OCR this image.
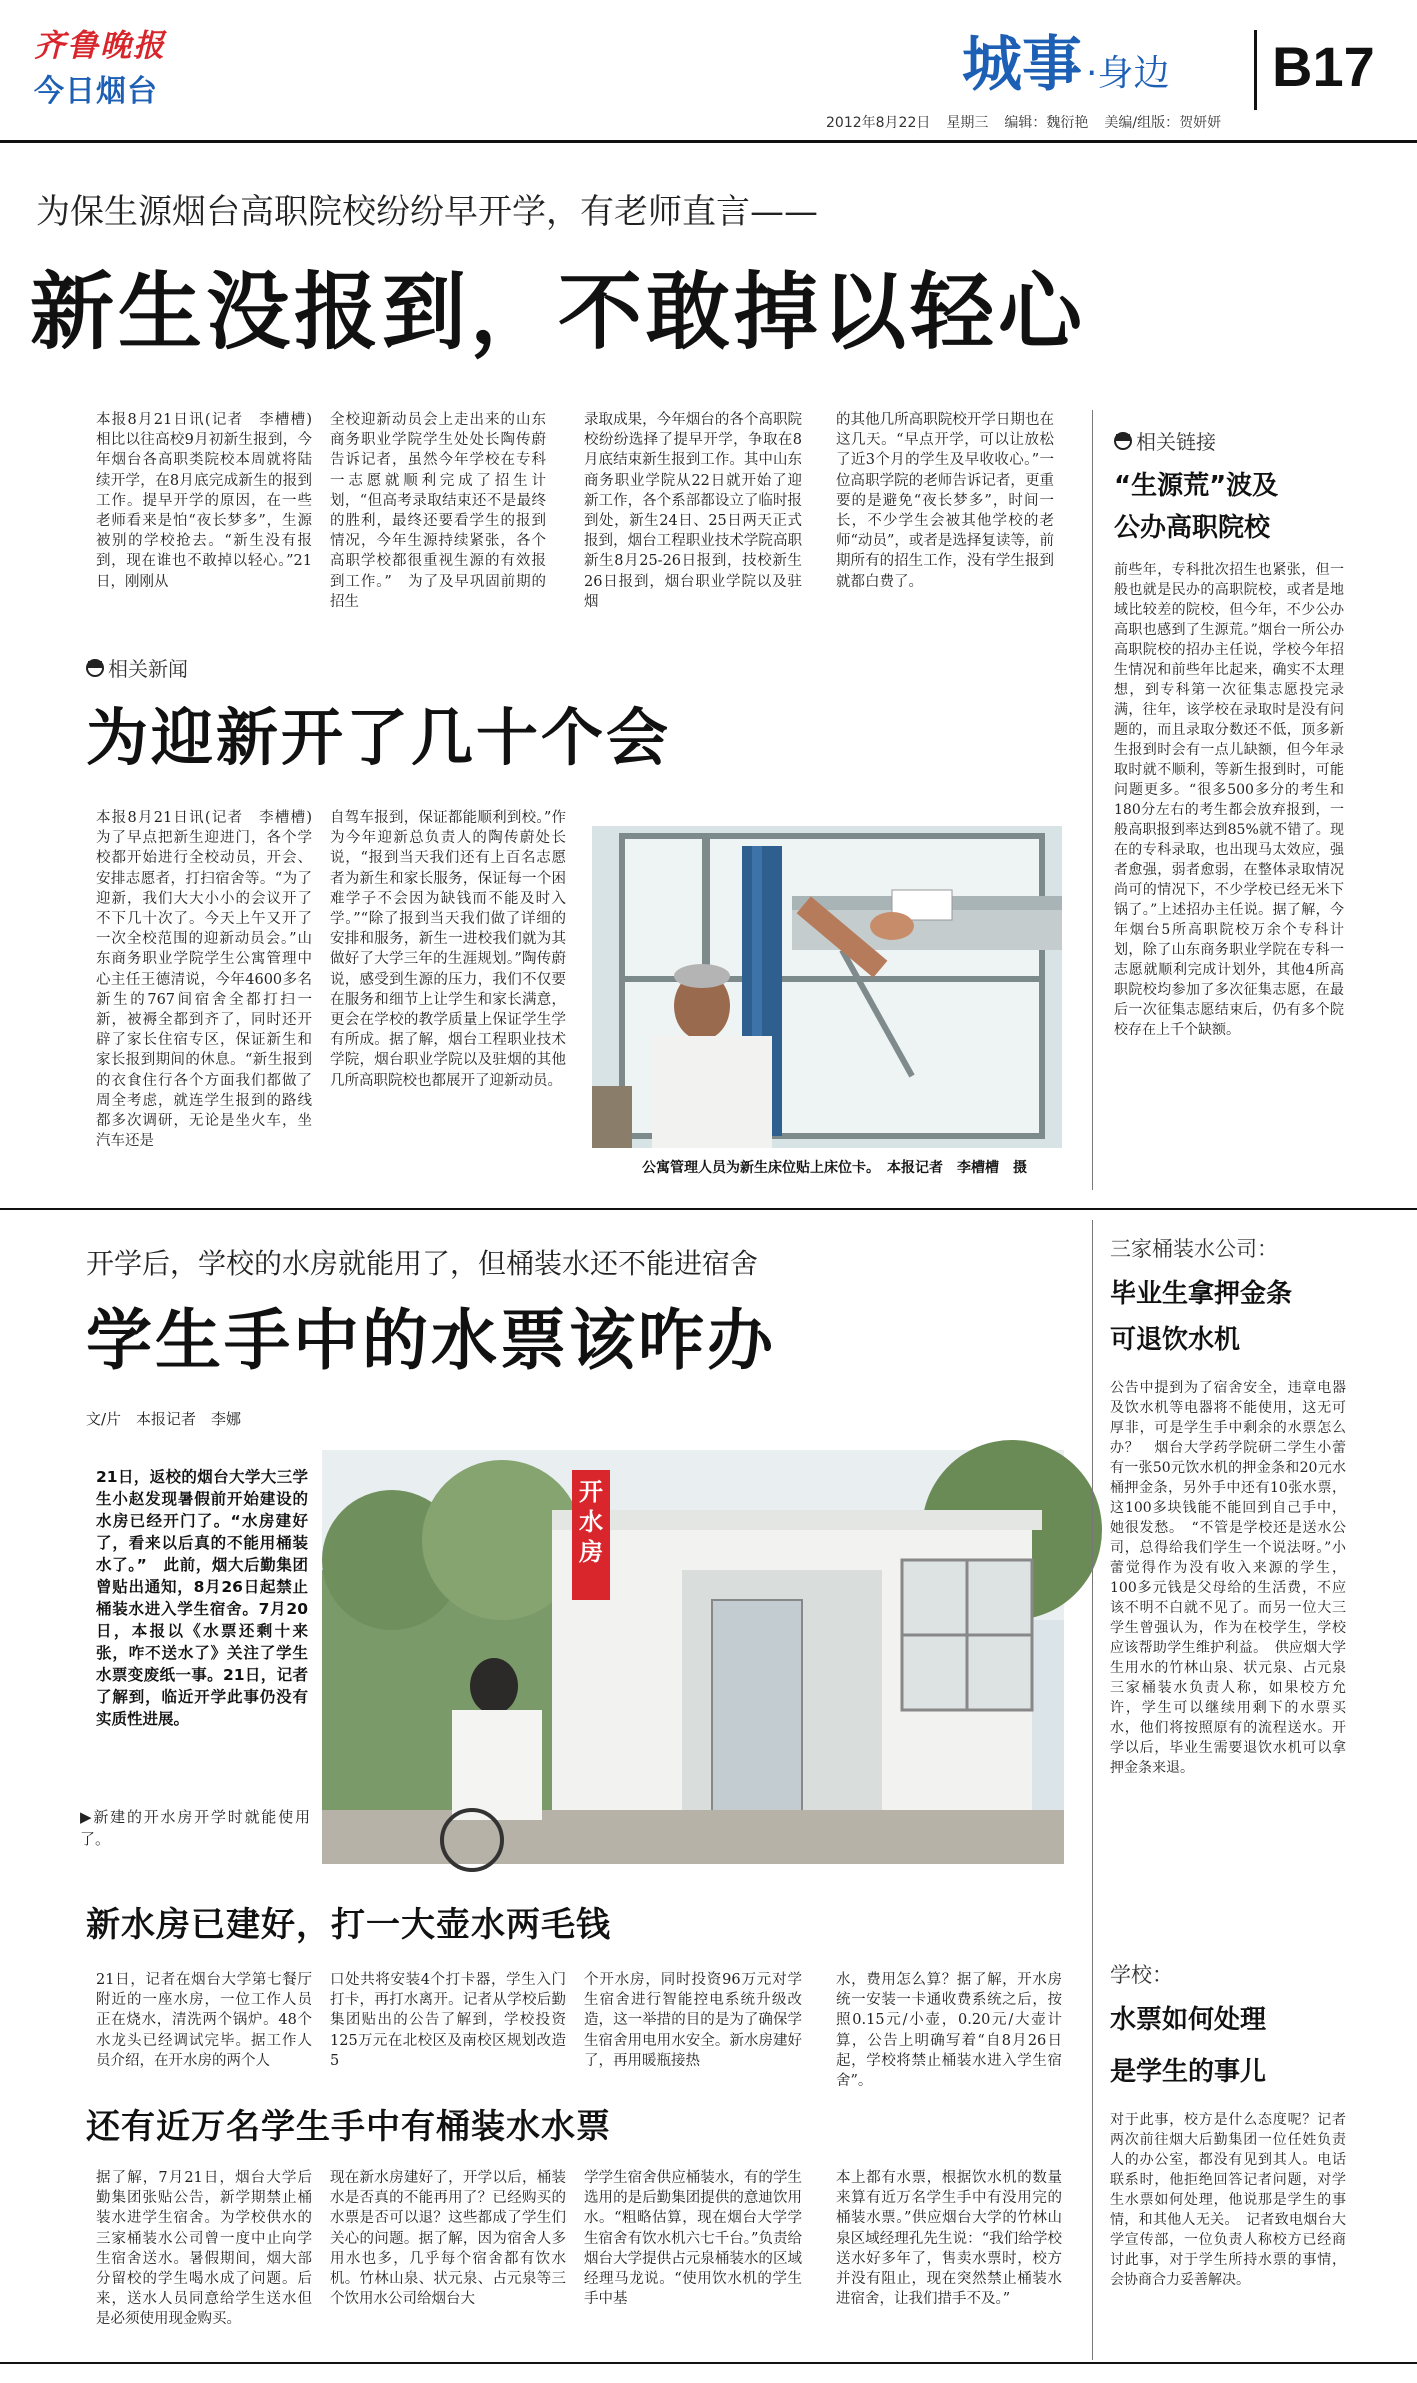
齐鲁晚报
今日烟台	城事 ·身边 B17
2012年8月22日 星期三 编辑：魏衍艳 美编/组版：贺妍妍
为保生源烟台高职院校纷纷早开学，有老师直言——
新生没报到，不敢掉以轻心
本报8月21日讯(记者　李槽槽)　相比以往高校9月初新生报到，今年烟台各高职类院校本周就将陆续开学，在8月底完成新生的报到工作。提早开学的原因，在一些老师看来是怕“夜长梦多”，生源被别的学校抢去。“新生没有报到，现在谁也不敢掉以轻心。”21日，刚刚从
全校迎新动员会上走出来的山东商务职业学院学生处处长陶传蔚告诉记者，虽然今年学校在专科一志愿就顺利完成了招生计划，“但高考录取结束还不是最终的胜利，最终还要看学生的报到情况，今年生源持续紧张，各个高职学校都很重视生源的有效报到工作。”　为了及早巩固前期的招生
录取成果，今年烟台的各个高职院校纷纷选择了提早开学，争取在8月底结束新生报到工作。其中山东商务职业学院从22日就开始了迎新工作，各个系部都设立了临时报到处，新生24日、25日两天正式报到，烟台工程职业技术学院高职新生8月25-26日报到，技校新生26日报到，烟台职业学院以及驻烟
的其他几所高职院校开学日期也在这几天。“早点开学，可以让放松了近3个月的学生及早收收心。”一位高职学院的老师告诉记者，更重要的是避免“夜长梦多”，时间一长，不少学生会被其他学校的老师“动员”，或者是选择复读等，前期所有的招生工作，没有学生报到就都白费了。
相关链接
“生源荒”波及
公办高职院校
前些年，专科批次招生也紧张，但一般也就是民办的高职院校，或者是地域比较差的院校，但今年，不少公办高职也感到了生源荒。”烟台一所公办高职院校的招办主任说，学校今年招生情况和前些年比起来，确实不太理想，到专科第一次征集志愿投完录满，往年，该学校在录取时是没有问题的，而且录取分数还不低，顶多新生报到时会有一点儿缺额，但今年录取时就不顺利，等新生报到时，可能问题更多。“很多500多分的考生和180分左右的考生都会放弃报到，一般高职报到率达到85%就不错了。现在的专科录取，也出现马太效应，强者愈强，弱者愈弱，在整体录取情况尚可的情况下，不少学校已经无米下锅了。”上述招办主任说。据了解，今年烟台5所高职院校万余个专科计划，除了山东商务职业学院在专科一志愿就顺利完成计划外，其他4所高职院校均参加了多次征集志愿，在最后一次征集志愿结束后，仍有多个院校存在上千个缺额。
相关新闻
为迎新开了几十个会
本报8月21日讯(记者　李槽槽)　为了早点把新生迎进门，各个学校都开始进行全校动员，开会、安排志愿者，打扫宿舍等。“为了迎新，我们大大小小的会议开了不下几十次了。今天上午又开了一次全校范围的迎新动员会。”山东商务职业学院学生公寓管理中心主任王德清说，今年4600多名新生的767间宿舍全都打扫一新，被褥全都到齐了，同时还开辟了家长住宿专区，保证新生和家长报到期间的休息。“新生报到的衣食住行各个方面我们都做了周全考虑，就连学生报到的路线都多次调研，无论是坐火车，坐汽车还是
自驾车报到，保证都能顺利到校。”作为今年迎新总负责人的陶传蔚处长说，“报到当天我们还有上百名志愿者为新生和家长服务，保证每一个困难学子不会因为缺钱而不能及时入学。”“除了报到当天我们做了详细的安排和服务，新生一进校我们就为其做好了大学三年的生涯规划。”陶传蔚说，感受到生源的压力，我们不仅要在服务和细节上让学生和家长满意，更会在学校的教学质量上保证学生学有所成。据了解，烟台工程职业技术学院，烟台职业学院以及驻烟的其他几所高职院校也都展开了迎新动员。
公寓管理人员为新生床位贴上床位卡。　本报记者　李槽槽　摄
开学后，学校的水房就能用了，但桶装水还不能进宿舍
学生手中的水票该咋办
文/片　本报记者　李娜
21日，返校的烟台大学大三学生小赵发现暑假前开始建设的水房已经开门了。“水房建好了，看来以后真的不能用桶装水了。”　此前，烟大后勤集团曾贴出通知，8月26日起禁止桶装水进入学生宿舍。7月20日，本报以《水票还剩十来张，咋不送水了》关注了学生水票变废纸一事。21日，记者了解到，临近开学此事仍没有实质性进展。
▶新建的开水房开学时就能使用了。
开水房
新水房已建好，打一大壶水两毛钱
21日，记者在烟台大学第七餐厅附近的一座水房，一位工作人员正在烧水，清洗两个锅炉。48个水龙头已经调试完毕。据工作人员介绍，在开水房的两个人
口处共将安装4个打卡器，学生入门打卡，再打水离开。记者从学校后勤集团贴出的公告了解到，学校投资125万元在北校区及南校区规划改造5
个开水房，同时投资96万元对学生宿舍进行智能控电系统升级改造，这一举措的目的是为了确保学生宿舍用电用水安全。新水房建好了，再用暖瓶接热
水，费用怎么算？据了解，开水房统一安装一卡通收费系统之后，按照0.15元/小壶，0.20元/大壶计算，公告上明确写着“自8月26日起，学校将禁止桶装水进入学生宿舍”。
还有近万名学生手中有桶装水水票
据了解，7月21日，烟台大学后勤集团张贴公告，新学期禁止桶装水进学生宿舍。为学校供水的三家桶装水公司曾一度中止向学生宿舍送水。暑假期间，烟大部分留校的学生喝水成了问题。后来，送水人员同意给学生送水但是必须使用现金购买。
现在新水房建好了，开学以后，桶装水是否真的不能再用了？已经购买的水票是否可以退？这些都成了学生们关心的问题。据了解，因为宿舍人多用水也多，几乎每个宿舍都有饮水机。竹林山泉、状元泉、占元泉等三个饮用水公司给烟台大
学学生宿舍供应桶装水，有的学生选用的是后勤集团提供的意迪饮用水。“粗略估算，现在烟台大学学生宿舍有饮水机六七千台。”负责给烟台大学提供占元泉桶装水的区域经理马龙说。“使用饮水机的学生手中基
本上都有水票，根据饮水机的数量来算有近万名学生手中有没用完的桶装水票。”供应烟台大学的竹林山泉区域经理孔先生说：“我们给学校送水好多年了，售卖水票时，校方并没有阻止，现在突然禁止桶装水进宿舍，让我们措手不及。”
三家桶装水公司：
毕业生拿押金条
可退饮水机
公告中提到为了宿舍安全，违章电器及饮水机等电器将不能使用，这无可厚非，可是学生手中剩余的水票怎么办？　烟台大学药学院研二学生小蕾有一张50元饮水机的押金条和20元水桶押金条，另外手中还有10张水票，这100多块钱能不能回到自己手中，她很发愁。　“不管是学校还是送水公司，总得给我们学生一个说法呀。”小蕾觉得作为没有收入来源的学生，100多元钱是父母给的生活费，不应该不明不白就不见了。而另一位大三学生曾强认为，作为在校学生，学校应该帮助学生维护利益。　供应烟大学生用水的竹林山泉、状元泉、占元泉三家桶装水负责人称，如果校方允许，学生可以继续用剩下的水票买水，他们将按照原有的流程送水。开学以后，毕业生需要退饮水机可以拿押金条来退。
学校：
水票如何处理
是学生的事儿
对于此事，校方是什么态度呢？记者两次前往烟大后勤集团一位任姓负责人的办公室，都没有见到其人。电话联系时，他拒绝回答记者问题，对学生水票如何处理，他说那是学生的事情，和其他人无关。　记者致电烟台大学宣传部，一位负责人称校方已经商讨此事，对于学生所持水票的事情，会协商合力妥善解决。
